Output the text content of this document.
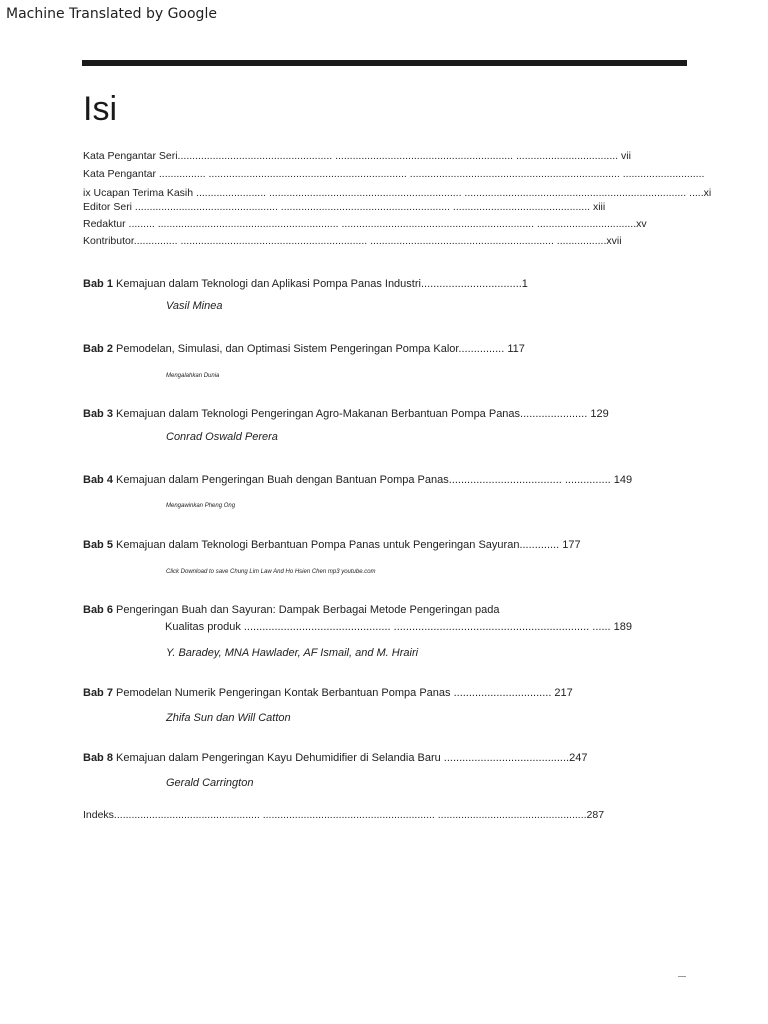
Machine Translated by Google
Isi
Kata Pengantar Seri..................................................... ............................................................. ................................... vii
Kata Pengantar ................ .................................................................... ........................................................................ ............................
ix Ucapan Terima Kasih ........................ .................................................................. ............................................................................ .....xi
Editor Seri ................................................. .......................................................... ............................................... xiii
Redaktur ......... .............................................................. .................................................................. ..................................xv
Kontributor............... ................................................................ ............................................................... .................xvii
Bab 1 Kemajuan dalam Teknologi dan Aplikasi Pompa Panas Industri.................................1
Vasil Minea
Bab 2 Pemodelan, Simulasi, dan Optimasi Sistem Pengeringan Pompa Kalor............... 117
Mengalahkan Dunia
Bab 3 Kemajuan dalam Teknologi Pengeringan Agro-Makanan Berbantuan Pompa Panas...................... 129
Conrad Oswald Perera
Bab 4 Kemajuan dalam Pengeringan Buah dengan Bantuan Pompa Panas..................................... ............... 149
Mengawinkan Pheng Ong
Bab 5 Kemajuan dalam Teknologi Berbantuan Pompa Panas untuk Pengeringan Sayuran............. 177
Click Download to save Chung Lim Law And Ho Hsien Chen mp3 youtube.com
Bab 6 Pengeringan Buah dan Sayuran: Dampak Berbagai Metode Pengeringan pada
Kualitas produk ................................................ ................................................................ ...... 189
Y. Baradey, MNA Hawlader, AF Ismail, and M. Hrairi
Bab 7 Pemodelan Numerik Pengeringan Kontak Berbantuan Pompa Panas ................................ 217
Zhifa Sun dan Will Catton
Bab 8 Kemajuan dalam Pengeringan Kayu Dehumidifier di Selandia Baru .........................................247
Gerald Carrington
Indeks.................................................. ........................................................... ...................................................287
